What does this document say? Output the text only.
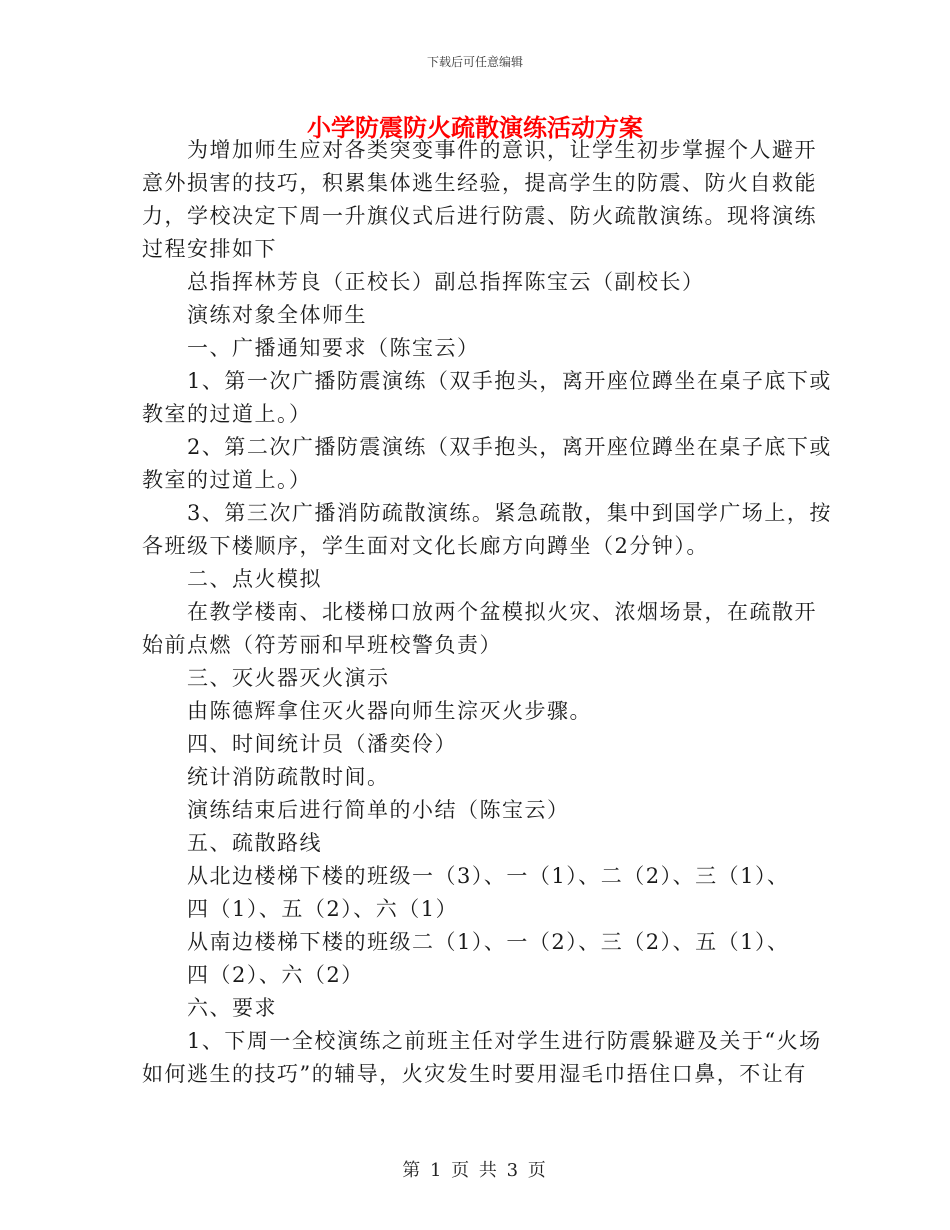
下载后可任意编辑
小学防震防火疏散演练活动方案
为增加师生应对各类突变事件的意识，让学生初步掌握个人避开
意外损害的技巧，积累集体逃生经验，提高学生的防震、防火自救能
力，学校决定下周一升旗仪式后进行防震、防火疏散演练。现将演练
过程安排如下
总指挥林芳良（正校长）副总指挥陈宝云（副校长）
演练对象全体师生
一、广播通知要求（陈宝云）
1、第一次广播防震演练（双手抱头，离开座位蹲坐在桌子底下或
教室的过道上。）
2、第二次广播防震演练（双手抱头，离开座位蹲坐在桌子底下或
教室的过道上。）
3、第三次广播消防疏散演练。紧急疏散，集中到国学广场上，按
各班级下楼顺序，学生面对文化长廊方向蹲坐（2分钟）。
二、点火模拟
在教学楼南、北楼梯口放两个盆模拟火灾、浓烟场景，在疏散开
始前点燃（符芳丽和早班校警负责）
三、灭火器灭火演示
由陈德辉拿住灭火器向师生淙灭火步骤。
四、时间统计员（潘奕伶）
统计消防疏散时间。
演练结束后进行简单的小结（陈宝云）
五、疏散路线
从北边楼梯下楼的班级一（3）、一（1）、二（2）、三（1）、
四（1）、五（2）、六（1）
从南边楼梯下楼的班级二（1）、一（2）、三（2）、五（1）、
四（2）、六（2）
六、要求
1、下周一全校演练之前班主任对学生进行防震躲避及关于“火场
如何逃生的技巧”的辅导，火灾发生时要用湿毛巾捂住口鼻，不让有
第 1 页 共 3 页
